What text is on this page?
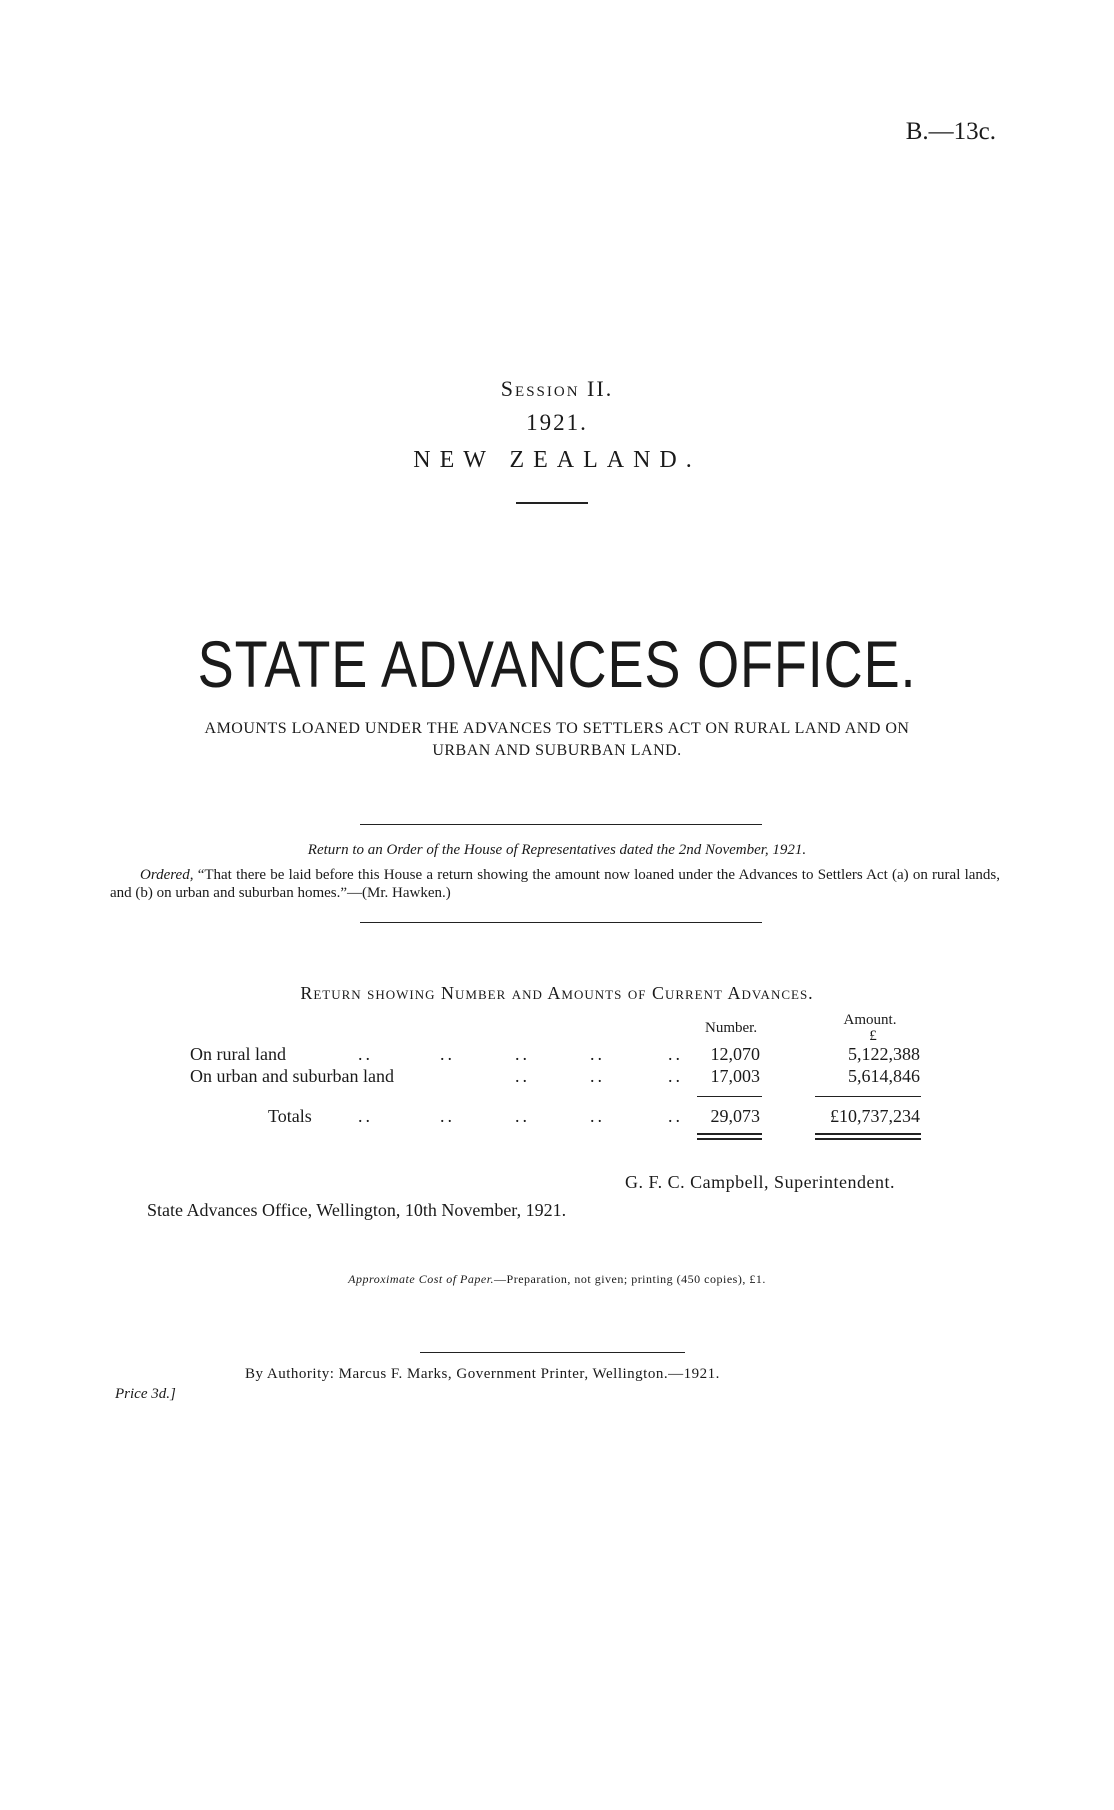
B.—13c.
Session II.
1921.
NEW ZEALAND.
STATE ADVANCES OFFICE.
AMOUNTS LOANED UNDER THE ADVANCES TO SETTLERS ACT ON RURAL LAND AND ON
URBAN AND SUBURBAN LAND.
Return to an Order of the House of Representatives dated the 2nd November, 1921.
Ordered, “That there be laid before this House a return showing the amount now loaned under the Advances to Settlers Act (a) on rural lands, and (b) on urban and suburban homes.”—(Mr. Hawken.)
Return showing Number and Amounts of Current Advances.
Number.	Amount.
£
On rural land	..	..	..	..	..	12,070	5,122,388
On urban and suburban land	..	..	..	17,003	5,614,846
Totals	..	..	..	..	..	29,073	£10,737,234
G. F. C. Campbell, Superintendent.
State Advances Office, Wellington, 10th November, 1921.
Approximate Cost of Paper.—Preparation, not given; printing (450 copies), £1.
By Authority: Marcus F. Marks, Government Printer, Wellington.—1921.
Price 3d.]
